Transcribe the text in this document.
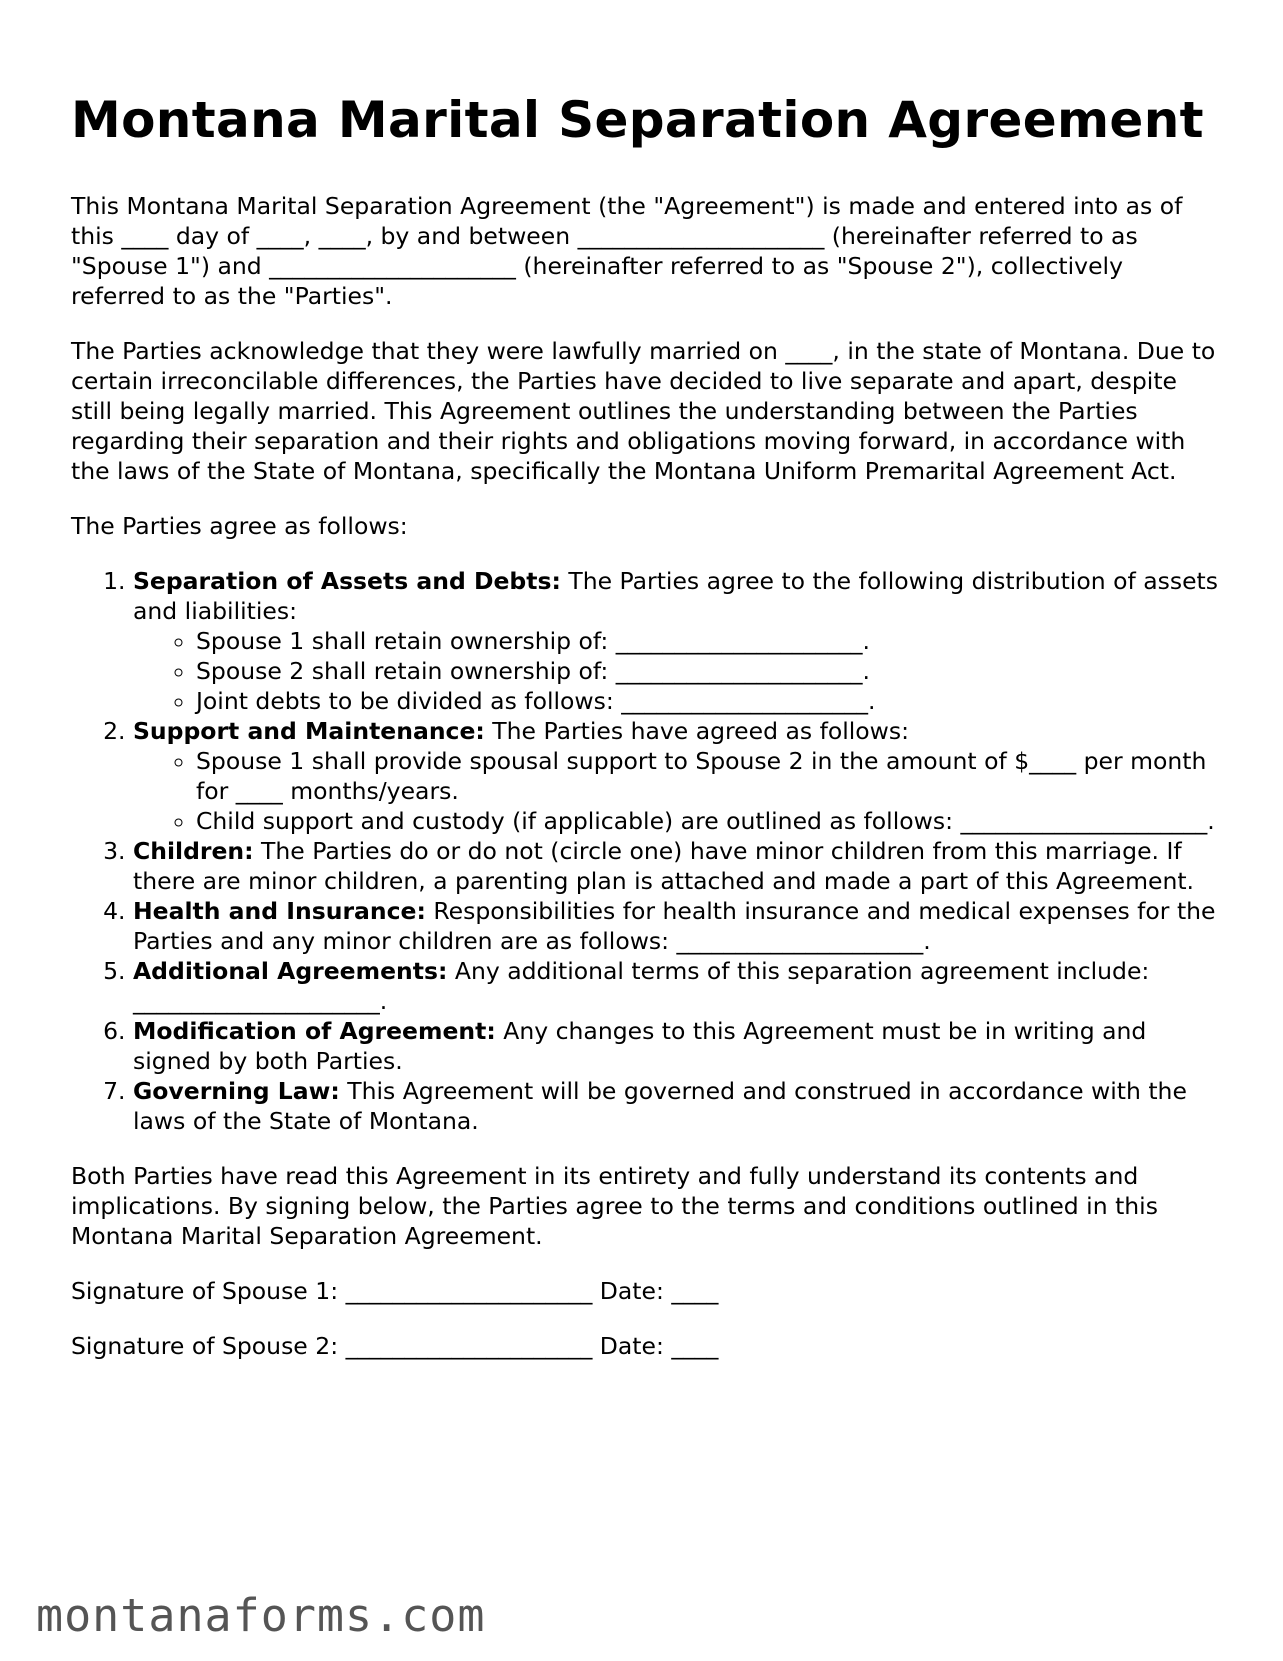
Montana Marital Separation Agreement

This Montana Marital Separation Agreement (the "Agreement") is made and entered into as of this ____ day of ____, ____, by and between _____________________ (hereinafter referred to as "Spouse 1") and _____________________ (hereinafter referred to as "Spouse 2"), collectively referred to as the "Parties".

The Parties acknowledge that they were lawfully married on ____, in the state of Montana. Due to certain irreconcilable differences, the Parties have decided to live separate and apart, despite still being legally married. This Agreement outlines the understanding between the Parties regarding their separation and their rights and obligations moving forward, in accordance with the laws of the State of Montana, specifically the Montana Uniform Premarital Agreement Act.

The Parties agree as follows:

1. Separation of Assets and Debts: The Parties agree to the following distribution of assets and liabilities:
◦ Spouse 1 shall retain ownership of: _____________________.
◦ Spouse 2 shall retain ownership of: _____________________.
◦ Joint debts to be divided as follows: _____________________.
2. Support and Maintenance: The Parties have agreed as follows:
◦ Spouse 1 shall provide spousal support to Spouse 2 in the amount of $____ per month for ____ months/years.
◦ Child support and custody (if applicable) are outlined as follows: _____________________.
3. Children: The Parties do or do not (circle one) have minor children from this marriage. If there are minor children, a parenting plan is attached and made a part of this Agreement.
4. Health and Insurance: Responsibilities for health insurance and medical expenses for the Parties and any minor children are as follows: _____________________.
5. Additional Agreements: Any additional terms of this separation agreement include: _____________________.
6. Modification of Agreement: Any changes to this Agreement must be in writing and signed by both Parties.
7. Governing Law: This Agreement will be governed and construed in accordance with the laws of the State of Montana.

Both Parties have read this Agreement in its entirety and fully understand its contents and implications. By signing below, the Parties agree to the terms and conditions outlined in this Montana Marital Separation Agreement.

Signature of Spouse 1: _____________________ Date: ____
Signature of Spouse 2: _____________________ Date: ____
montanaforms.com
